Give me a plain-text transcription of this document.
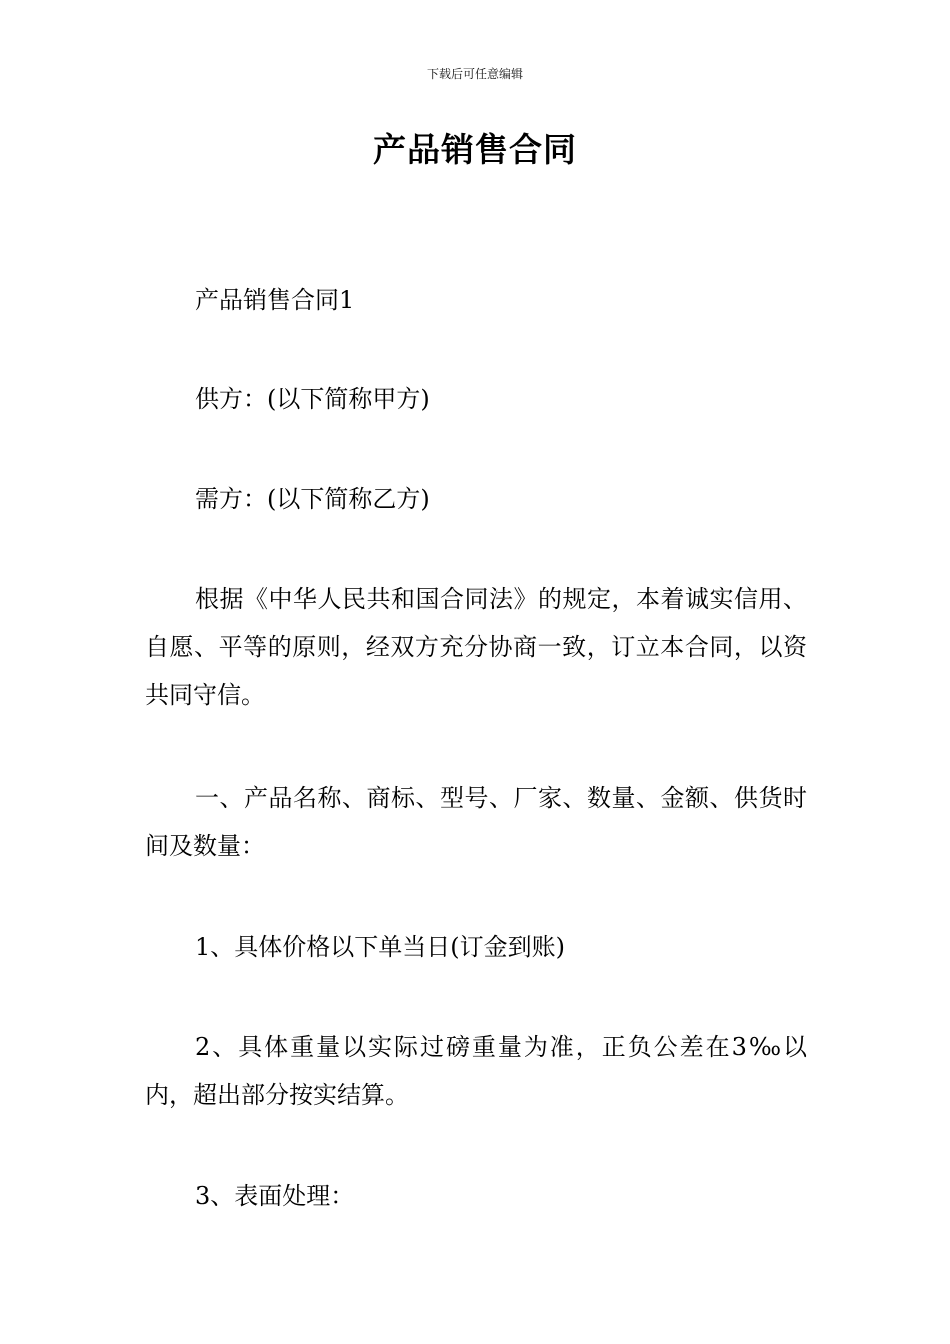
下载后可任意编辑
产品销售合同

产品销售合同1

供方：(以下简称甲方)

需方：(以下简称乙方)

根据《中华人民共和国合同法》的规定，本着诚实信用、自愿、平等的原则，经双方充分协商一致，订立本合同，以资共同守信。

一、产品名称、商标、型号、厂家、数量、金额、供货时间及数量：

1、具体价格以下单当日(订金到账)

2、具体重量以实际过磅重量为准，正负公差在3‰以内，超出部分按实结算。

3、表面处理：
